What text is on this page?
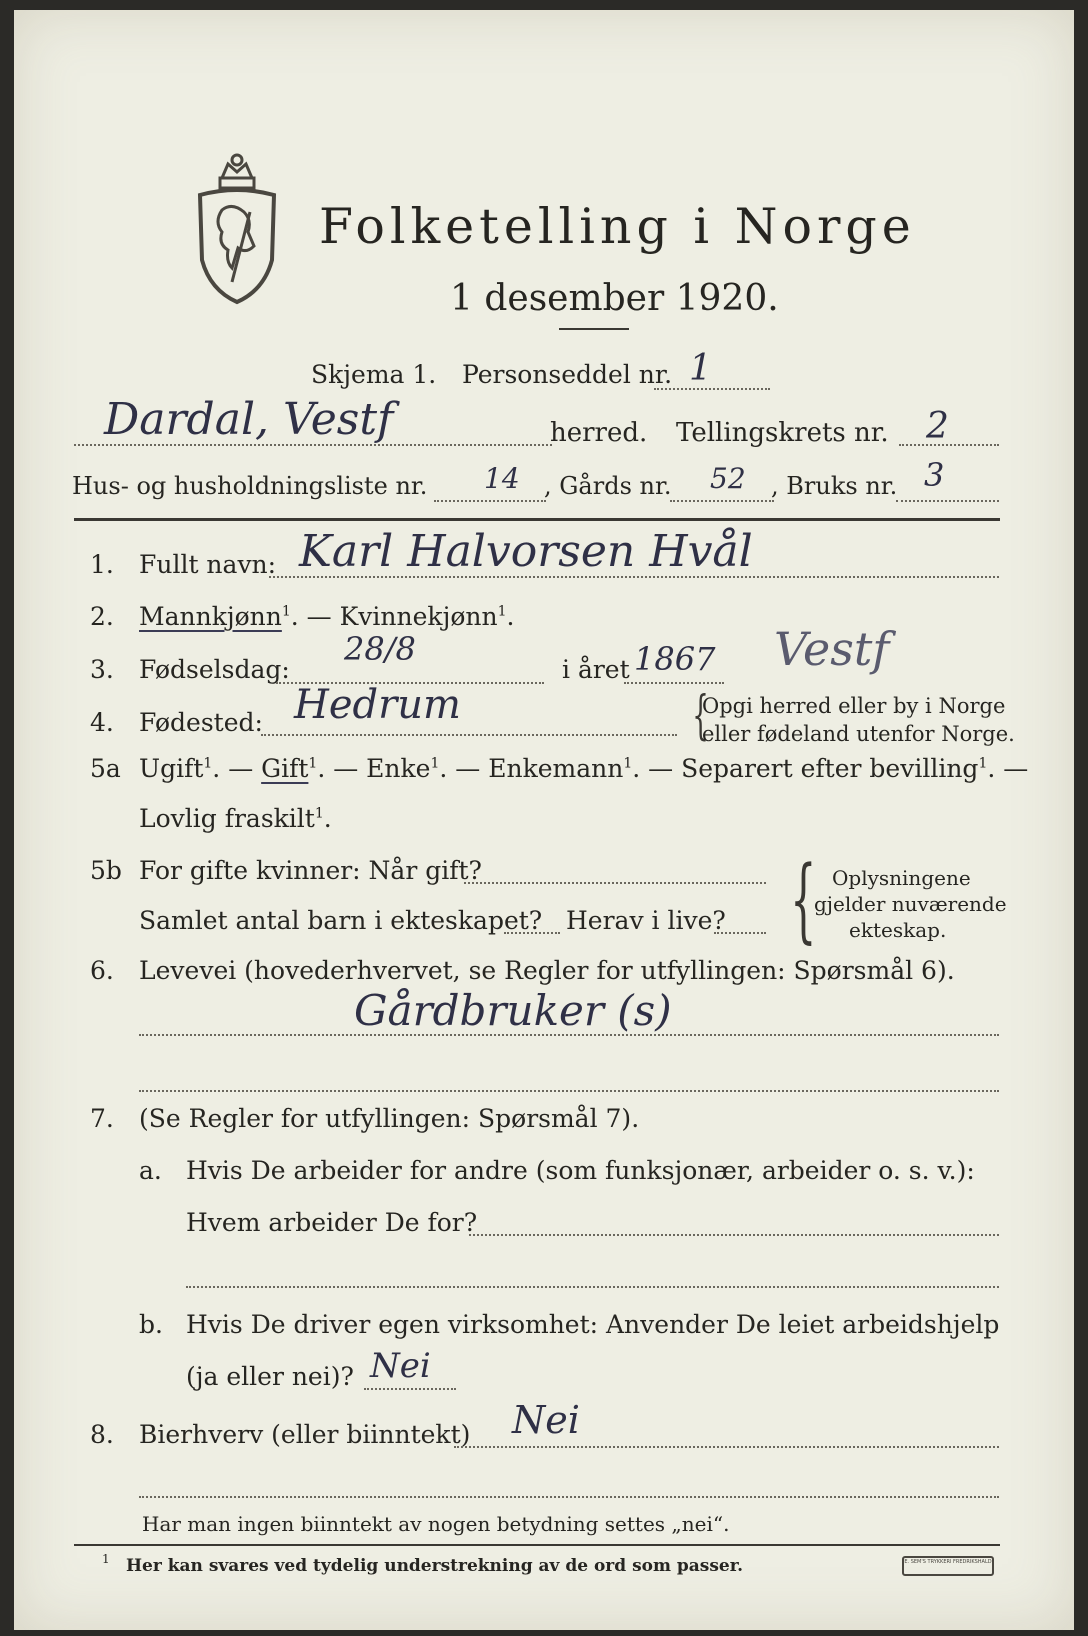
Folketelling i Norge
1 desember 1920.
Skjema 1. Personseddel nr. 1
Dardal, Vestf	herred. Tellingskrets nr. 2
Hus- og husholdningsliste nr. 14 , Gårds nr. 52 , Bruks nr. 3
1. Fullt navn: Karl Halvorsen Hvål
2. Mannkjønn$^1$. — Kvinnekjønn$^1$.
3. Fødselsdag:
28/8
i året 1867 Vestf
4. Fødested: Hedrum	{
Opgi herred eller by i Norge
eller fødeland utenfor Norge.
5a Ugift$^1$. — Gift$^1$. — Enke$^1$. — Enkemann$^1$. — Separert efter bevilling$^1$. —
Lovlig fraskilt$^1$.
5b For gifte kvinner: Når gift?
Samlet antal barn i ekteskapet? Herav i live? { Oplysningene
gjelder nuværende
ekteskap.
6. Levevei (hovederhvervet, se Regler for utfyllingen: Spørsmål 6).
Gårdbruker (s)
7. (Se Regler for utfyllingen: Spørsmål 7).
a. Hvis De arbeider for andre (som funksjonær, arbeider o. s. v.):
Hvem arbeider De for?
b. Hvis De driver egen virksomhet: Anvender De leiet arbeidshjelp
(ja eller nei)? Nei
8. Bierhverv (eller biinntekt) Nei
Har man ingen biinntekt av nogen betydning settes „nei“.
1 Her kan svares ved tydelig understrekning av de ord som passer.	E. SEM'S TRYKKERI FREDRIKSHALD
